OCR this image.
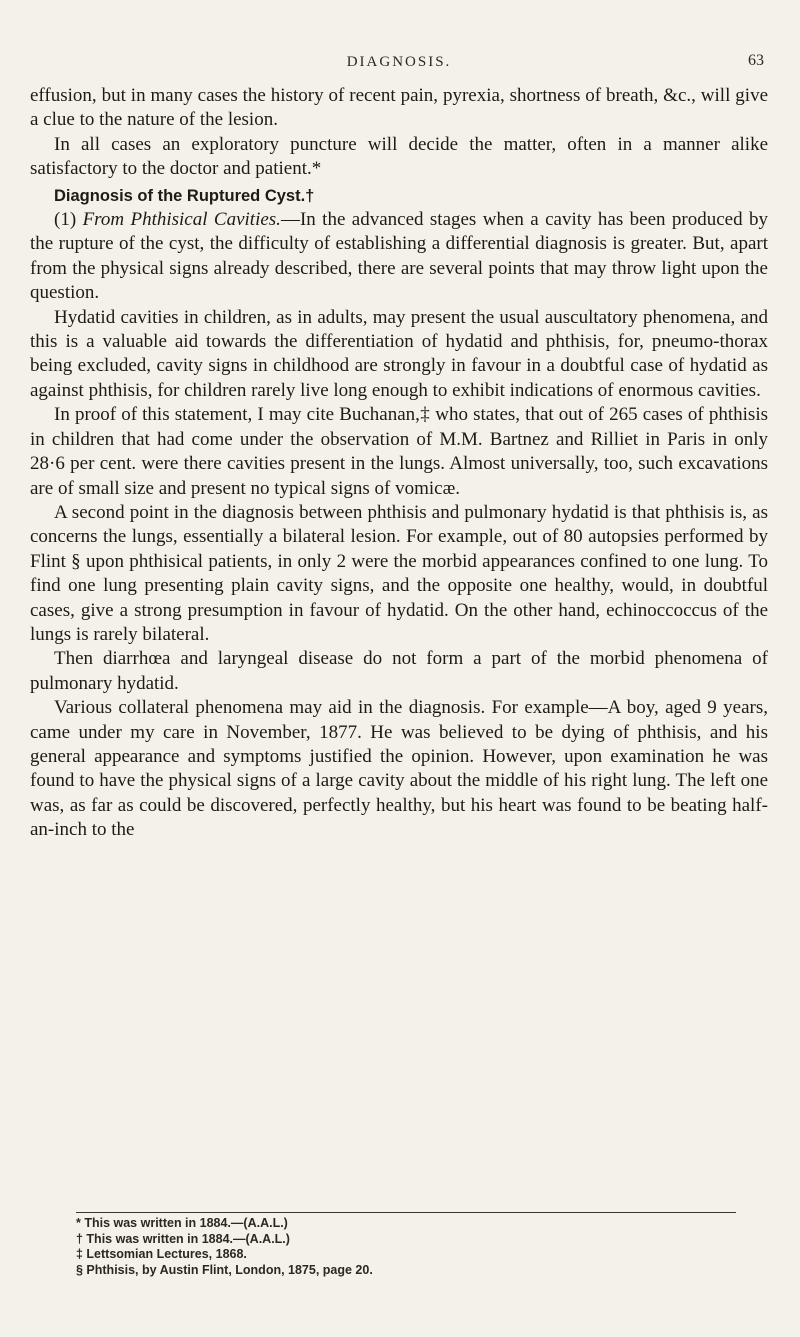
DIAGNOSIS.	63

effusion, but in many cases the history of recent pain, pyrexia, shortness of breath, &c., will give a clue to the nature of the lesion.

In all cases an exploratory puncture will decide the matter, often in a manner alike satisfactory to the doctor and patient.*

Diagnosis of the Ruptured Cyst.†

(1) From Phthisical Cavities.—In the advanced stages when a cavity has been produced by the rupture of the cyst, the difficulty of establishing a differential diagnosis is greater. But, apart from the physical signs already described, there are several points that may throw light upon the question.

Hydatid cavities in children, as in adults, may present the usual auscultatory phenomena, and this is a valuable aid towards the differentiation of hydatid and phthisis, for, pneumo-thorax being excluded, cavity signs in childhood are strongly in favour in a doubtful case of hydatid as against phthisis, for children rarely live long enough to exhibit indications of enormous cavities.

In proof of this statement, I may cite Buchanan,‡ who states, that out of 265 cases of phthisis in children that had come under the observation of M.M. Bartnez and Rilliet in Paris in only 28·6 per cent. were there cavities present in the lungs. Almost universally, too, such excavations are of small size and present no typical signs of vomicæ.

A second point in the diagnosis between phthisis and pulmonary hydatid is that phthisis is, as concerns the lungs, essentially a bilateral lesion. For example, out of 80 autopsies performed by Flint § upon phthisical patients, in only 2 were the morbid appearances confined to one lung. To find one lung presenting plain cavity signs, and the opposite one healthy, would, in doubtful cases, give a strong presumption in favour of hydatid. On the other hand, echinoccoccus of the lungs is rarely bilateral.

Then diarrhœa and laryngeal disease do not form a part of the morbid phenomena of pulmonary hydatid.

Various collateral phenomena may aid in the diagnosis. For example—A boy, aged 9 years, came under my care in November, 1877. He was believed to be dying of phthisis, and his general appearance and symptoms justified the opinion. However, upon examination he was found to have the physical signs of a large cavity about the middle of his right lung. The left one was, as far as could be discovered, perfectly healthy, but his heart was found to be beating half-an-inch to the

* This was written in 1884.—(A.A.L.)
† This was written in 1884.—(A.A.L.)
‡ Lettsomian Lectures, 1868.
§ Phthisis, by Austin Flint, London, 1875, page 20.
